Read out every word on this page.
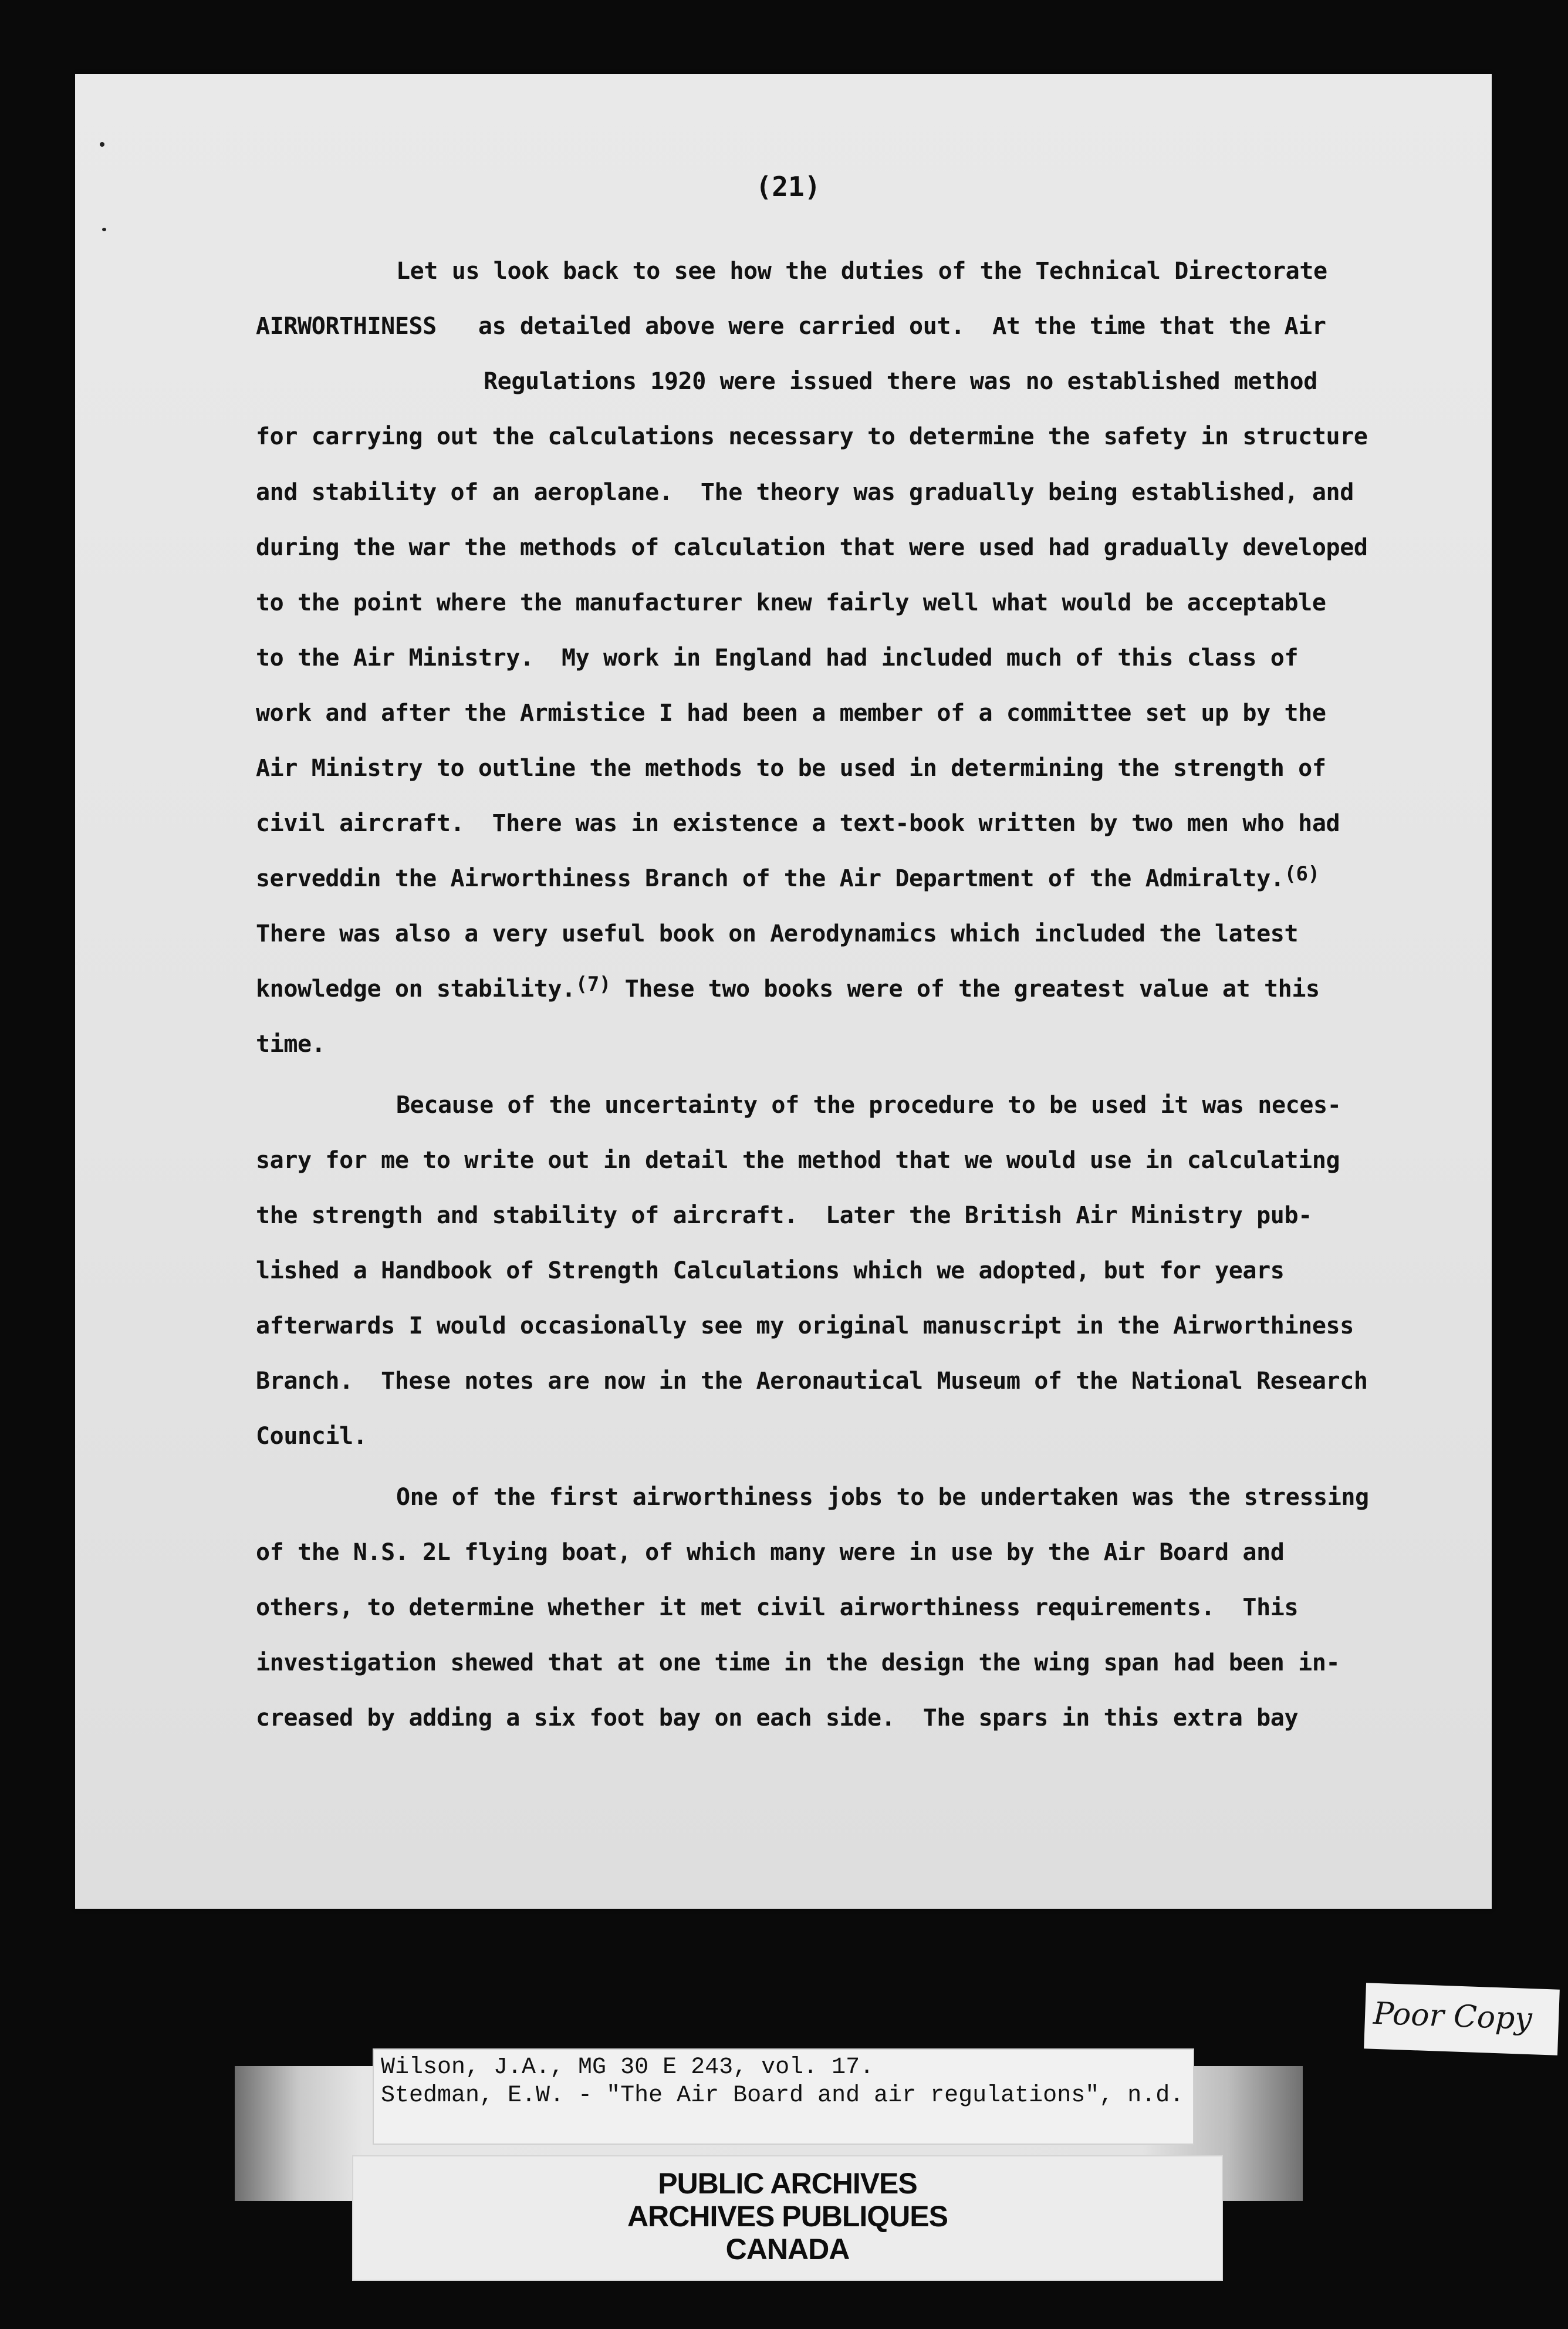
(21)
Let us look back to see how the duties of the Technical Directorate
AIRWORTHINESS   as detailed above were carried out.  At the time that the Air
Regulations 1920 were issued there was no established method
for carrying out the calculations necessary to determine the safety in structure
and stability of an aeroplane.  The theory was gradually being established, and
during the war the methods of calculation that were used had gradually developed
to the point where the manufacturer knew fairly well what would be acceptable
to the Air Ministry.  My work in England had included much of this class of
work and after the Armistice I had been a member of a committee set up by the
Air Ministry to outline the methods to be used in determining the strength of
civil aircraft.  There was in existence a text-book written by two men who had
serveddin the Airworthiness Branch of the Air Department of the Admiralty.$^{(6)}$
There was also a very useful book on Aerodynamics which included the latest
knowledge on stability.$^{(7)}$ These two books were of the greatest value at this
time.
Because of the uncertainty of the procedure to be used it was neces-
sary for me to write out in detail the method that we would use in calculating
the strength and stability of aircraft.  Later the British Air Ministry pub-
lished a Handbook of Strength Calculations which we adopted, but for years
afterwards I would occasionally see my original manuscript in the Airworthiness
Branch.  These notes are now in the Aeronautical Museum of the National Research
Council.
One of the first airworthiness jobs to be undertaken was the stressing
of the N.S. 2L flying boat, of which many were in use by the Air Board and
others, to determine whether it met civil airworthiness requirements.  This
investigation shewed that at one time in the design the wing span had been in-
creased by adding a six foot bay on each side.  The spars in this extra bay
Poor Copy
Wilson, J.A., MG 30 E 243, vol. 17.
Stedman, E.W. - "The Air Board and air regulations", n.d.
PUBLIC ARCHIVES
ARCHIVES PUBLIQUES
CANADA
